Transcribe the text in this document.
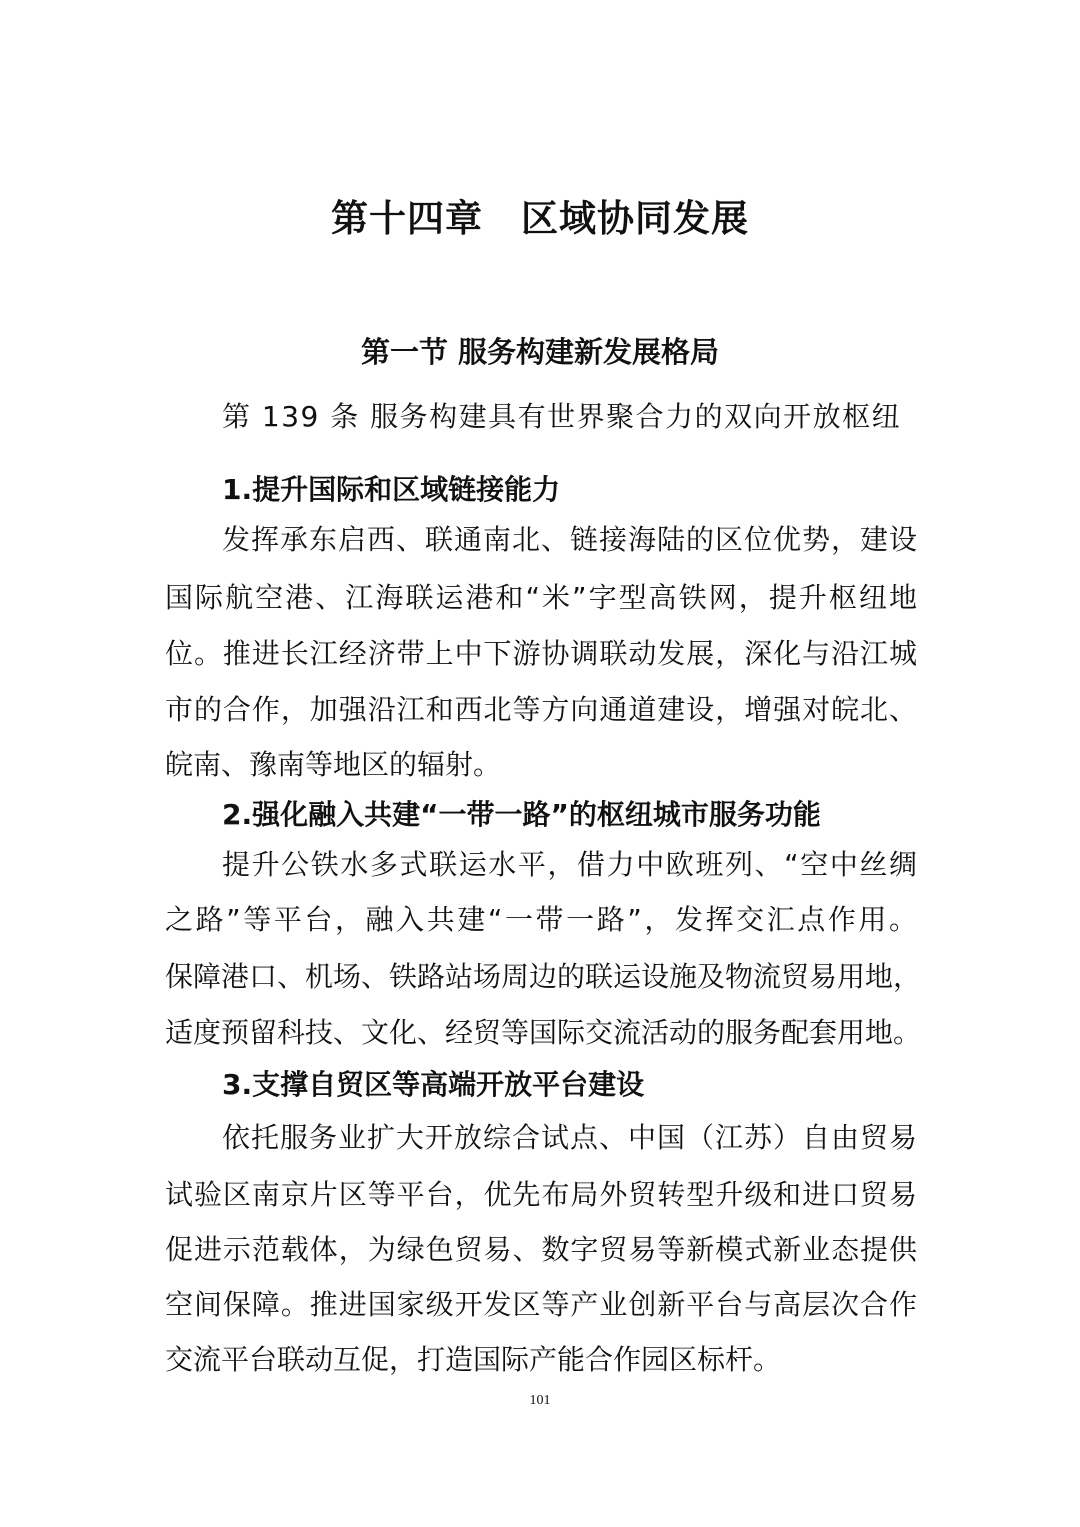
第十四章　区域协同发展
第一节 服务构建新发展格局
第 139 条 服务构建具有世界聚合力的双向开放枢纽
1.提升国际和区域链接能力
发挥承东启西、联通南北、链接海陆的区位优势，建设
国际航空港、江海联运港和“米”字型高铁网，提升枢纽地
位。推进长江经济带上中下游协调联动发展，深化与沿江城
市的合作，加强沿江和西北等方向通道建设，增强对皖北、
皖南、豫南等地区的辐射。
2.强化融入共建“一带一路”的枢纽城市服务功能
提升公铁水多式联运水平，借力中欧班列、“空中丝绸
之路”等平台，融入共建“一带一路”，发挥交汇点作用。
保障港口、机场、铁路站场周边的联运设施及物流贸易用地，
适度预留科技、文化、经贸等国际交流活动的服务配套用地。
3.支撑自贸区等高端开放平台建设
依托服务业扩大开放综合试点、中国（江苏）自由贸易
试验区南京片区等平台，优先布局外贸转型升级和进口贸易
促进示范载体，为绿色贸易、数字贸易等新模式新业态提供
空间保障。推进国家级开发区等产业创新平台与高层次合作
交流平台联动互促，打造国际产能合作园区标杆。
101
